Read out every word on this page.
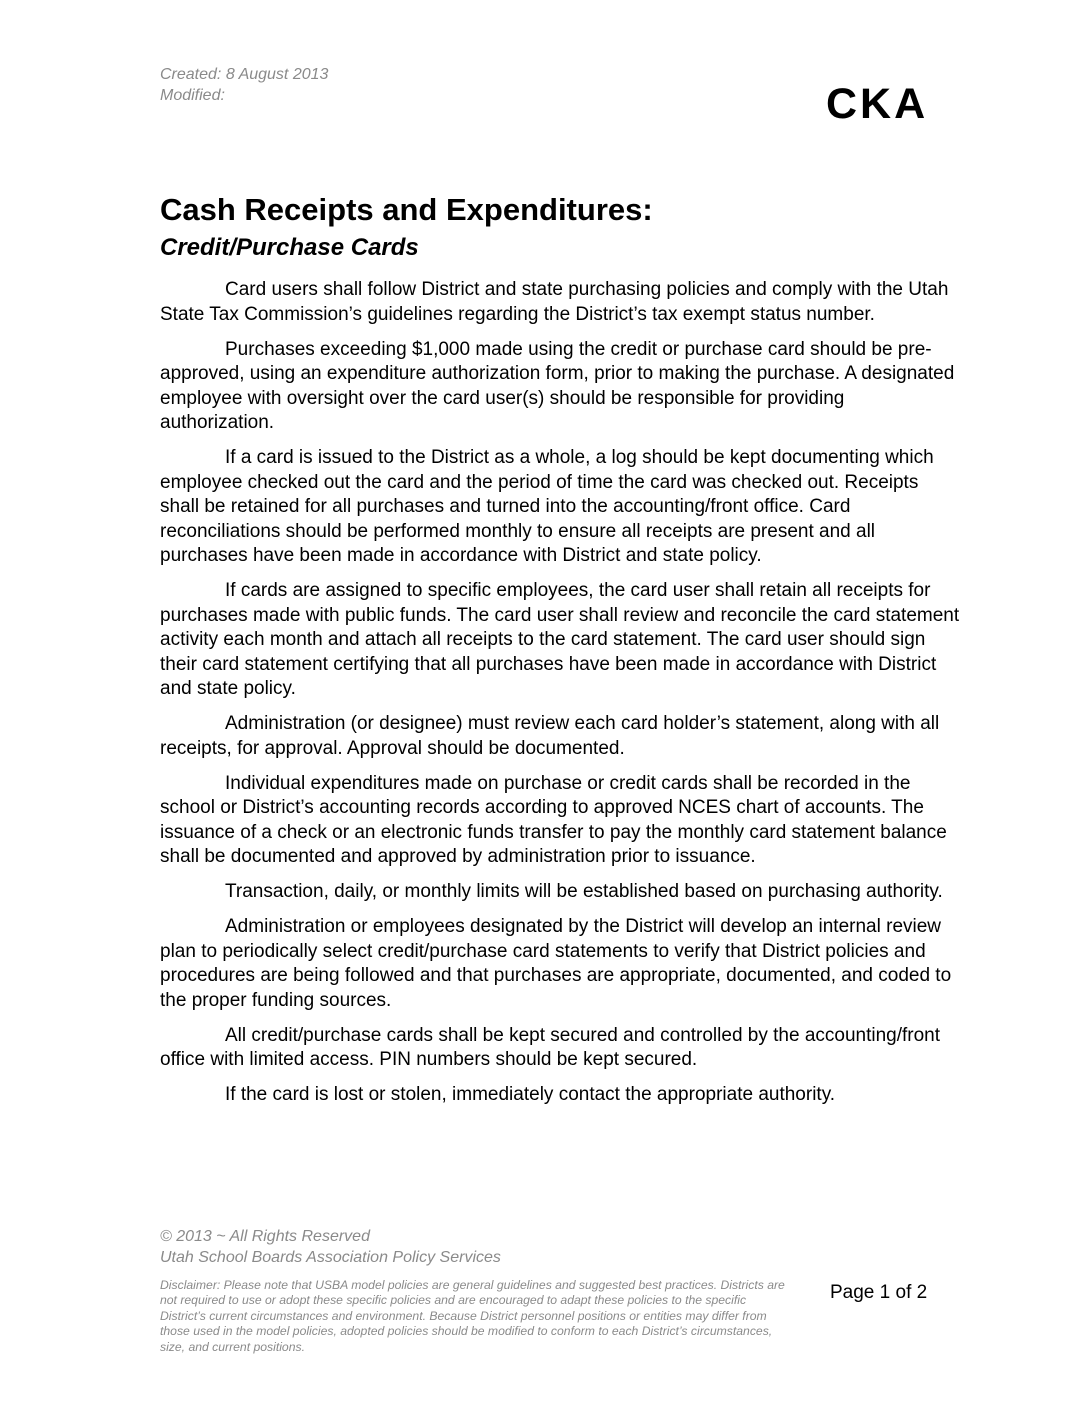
Created: 8 August 2013
Modified:	CKA
Cash Receipts and Expenditures:
Credit/Purchase Cards

Card users shall follow District and state purchasing policies and comply with the Utah State Tax Commission’s guidelines regarding the District’s tax exempt status number.

Purchases exceeding $1,000 made using the credit or purchase card should be pre-approved, using an expenditure authorization form, prior to making the purchase. A designated employee with oversight over the card user(s) should be responsible for providing authorization.

If a card is issued to the District as a whole, a log should be kept documenting which employee checked out the card and the period of time the card was checked out. Receipts shall be retained for all purchases and turned into the accounting/front office. Card reconciliations should be performed monthly to ensure all receipts are present and all purchases have been made in accordance with District and state policy.

If cards are assigned to specific employees, the card user shall retain all receipts for purchases made with public funds. The card user shall review and reconcile the card statement activity each month and attach all receipts to the card statement. The card user should sign their card statement certifying that all purchases have been made in accordance with District and state policy.

Administration (or designee) must review each card holder’s statement, along with all receipts, for approval. Approval should be documented.

Individual expenditures made on purchase or credit cards shall be recorded in the school or District’s accounting records according to approved NCES chart of accounts. The issuance of a check or an electronic funds transfer to pay the monthly card statement balance shall be documented and approved by administration prior to issuance.

Transaction, daily, or monthly limits will be established based on purchasing authority.

Administration or employees designated by the District will develop an internal review plan to periodically select credit/purchase card statements to verify that District policies and procedures are being followed and that purchases are appropriate, documented, and coded to the proper funding sources.

All credit/purchase cards shall be kept secured and controlled by the accounting/front office with limited access. PIN numbers should be kept secured.

If the card is lost or stolen, immediately contact the appropriate authority.

© 2013 ~ All Rights Reserved
Utah School Boards Association Policy Services
Disclaimer: Please note that USBA model policies are general guidelines and suggested best practices. Districts are not required to use or adopt these specific policies and are encouraged to adapt these policies to the specific District’s current circumstances and environment. Because District personnel positions or entities may differ from those used in the model policies, adopted policies should be modified to conform to each District’s circumstances, size, and current positions.
Page 1 of 2
